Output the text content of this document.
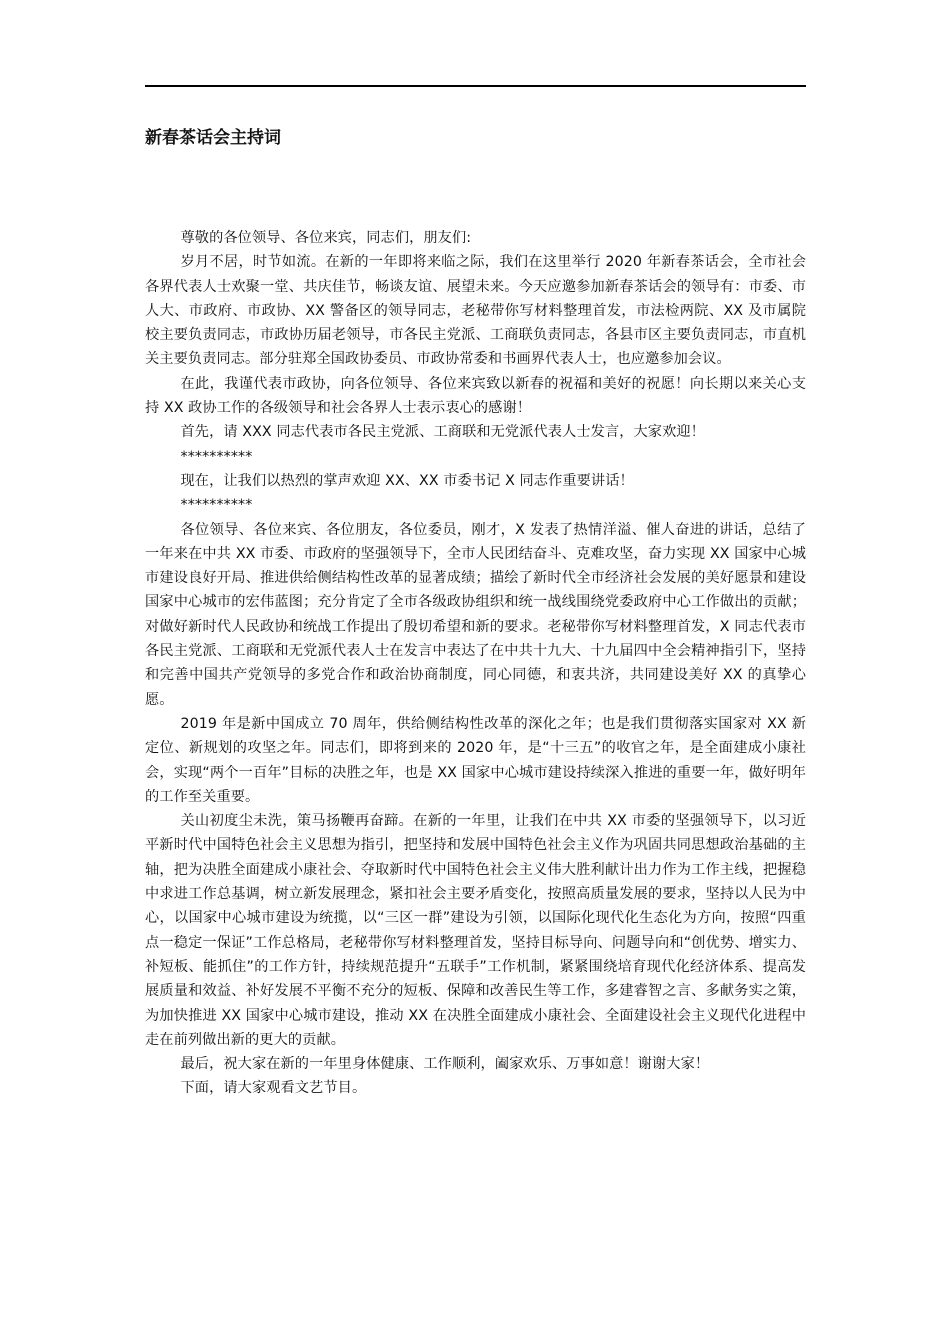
新春茶话会主持词

尊敬的各位领导、各位来宾，同志们，朋友们:

岁月不居，时节如流。在新的一年即将来临之际，我们在这里举行 2020 年新春茶话会，全市社会各界代表人士欢聚一堂、共庆佳节，畅谈友谊、展望未来。今天应邀参加新春茶话会的领导有：市委、市人大、市政府、市政协、XX 警备区的领导同志，老秘带你写材料整理首发，市法检两院、XX 及市属院校主要负责同志，市政协历届老领导，市各民主党派、工商联负责同志，各县市区主要负责同志，市直机关主要负责同志。部分驻郑全国政协委员、市政协常委和书画界代表人士，也应邀参加会议。

在此，我谨代表市政协，向各位领导、各位来宾致以新春的祝福和美好的祝愿！向长期以来关心支持 XX 政协工作的各级领导和社会各界人士表示衷心的感谢！

首先，请 XXX 同志代表市各民主党派、工商联和无党派代表人士发言，大家欢迎！

**********

现在，让我们以热烈的掌声欢迎 XX、XX 市委书记 X 同志作重要讲话！

**********

各位领导、各位来宾、各位朋友，各位委员，刚才，X 发表了热情洋溢、催人奋进的讲话，总结了一年来在中共 XX 市委、市政府的坚强领导下，全市人民团结奋斗、克难攻坚，奋力实现 XX 国家中心城市建设良好开局、推进供给侧结构性改革的显著成绩；描绘了新时代全市经济社会发展的美好愿景和建设国家中心城市的宏伟蓝图；充分肯定了全市各级政协组织和统一战线围绕党委政府中心工作做出的贡献；对做好新时代人民政协和统战工作提出了殷切希望和新的要求。老秘带你写材料整理首发，X 同志代表市各民主党派、工商联和无党派代表人士在发言中表达了在中共十九大、十九届四中全会精神指引下，坚持和完善中国共产党领导的多党合作和政治协商制度，同心同德，和衷共济，共同建设美好 XX 的真挚心愿。

2019 年是新中国成立 70 周年，供给侧结构性改革的深化之年；也是我们贯彻落实国家对 XX 新定位、新规划的攻坚之年。同志们，即将到来的 2020 年，是“十三五”的收官之年，是全面建成小康社会，实现“两个一百年”目标的决胜之年，也是 XX 国家中心城市建设持续深入推进的重要一年，做好明年的工作至关重要。

关山初度尘未洗，策马扬鞭再奋蹄。在新的一年里，让我们在中共 XX 市委的坚强领导下，以习近平新时代中国特色社会主义思想为指引，把坚持和发展中国特色社会主义作为巩固共同思想政治基础的主轴，把为决胜全面建成小康社会、夺取新时代中国特色社会主义伟大胜利献计出力作为工作主线，把握稳中求进工作总基调，树立新发展理念，紧扣社会主要矛盾变化，按照高质量发展的要求，坚持以人民为中心，以国家中心城市建设为统揽，以“三区一群”建设为引领，以国际化现代化生态化为方向，按照“四重点一稳定一保证”工作总格局，老秘带你写材料整理首发，坚持目标导向、问题导向和“创优势、增实力、补短板、能抓住”的工作方针，持续规范提升“五联手”工作机制，紧紧围绕培育现代化经济体系、提高发展质量和效益、补好发展不平衡不充分的短板、保障和改善民生等工作，多建睿智之言、多献务实之策，为加快推进 XX 国家中心城市建设，推动 XX 在决胜全面建成小康社会、全面建设社会主义现代化进程中走在前列做出新的更大的贡献。

最后，祝大家在新的一年里身体健康、工作顺利，阖家欢乐、万事如意！谢谢大家！

下面，请大家观看文艺节目。
